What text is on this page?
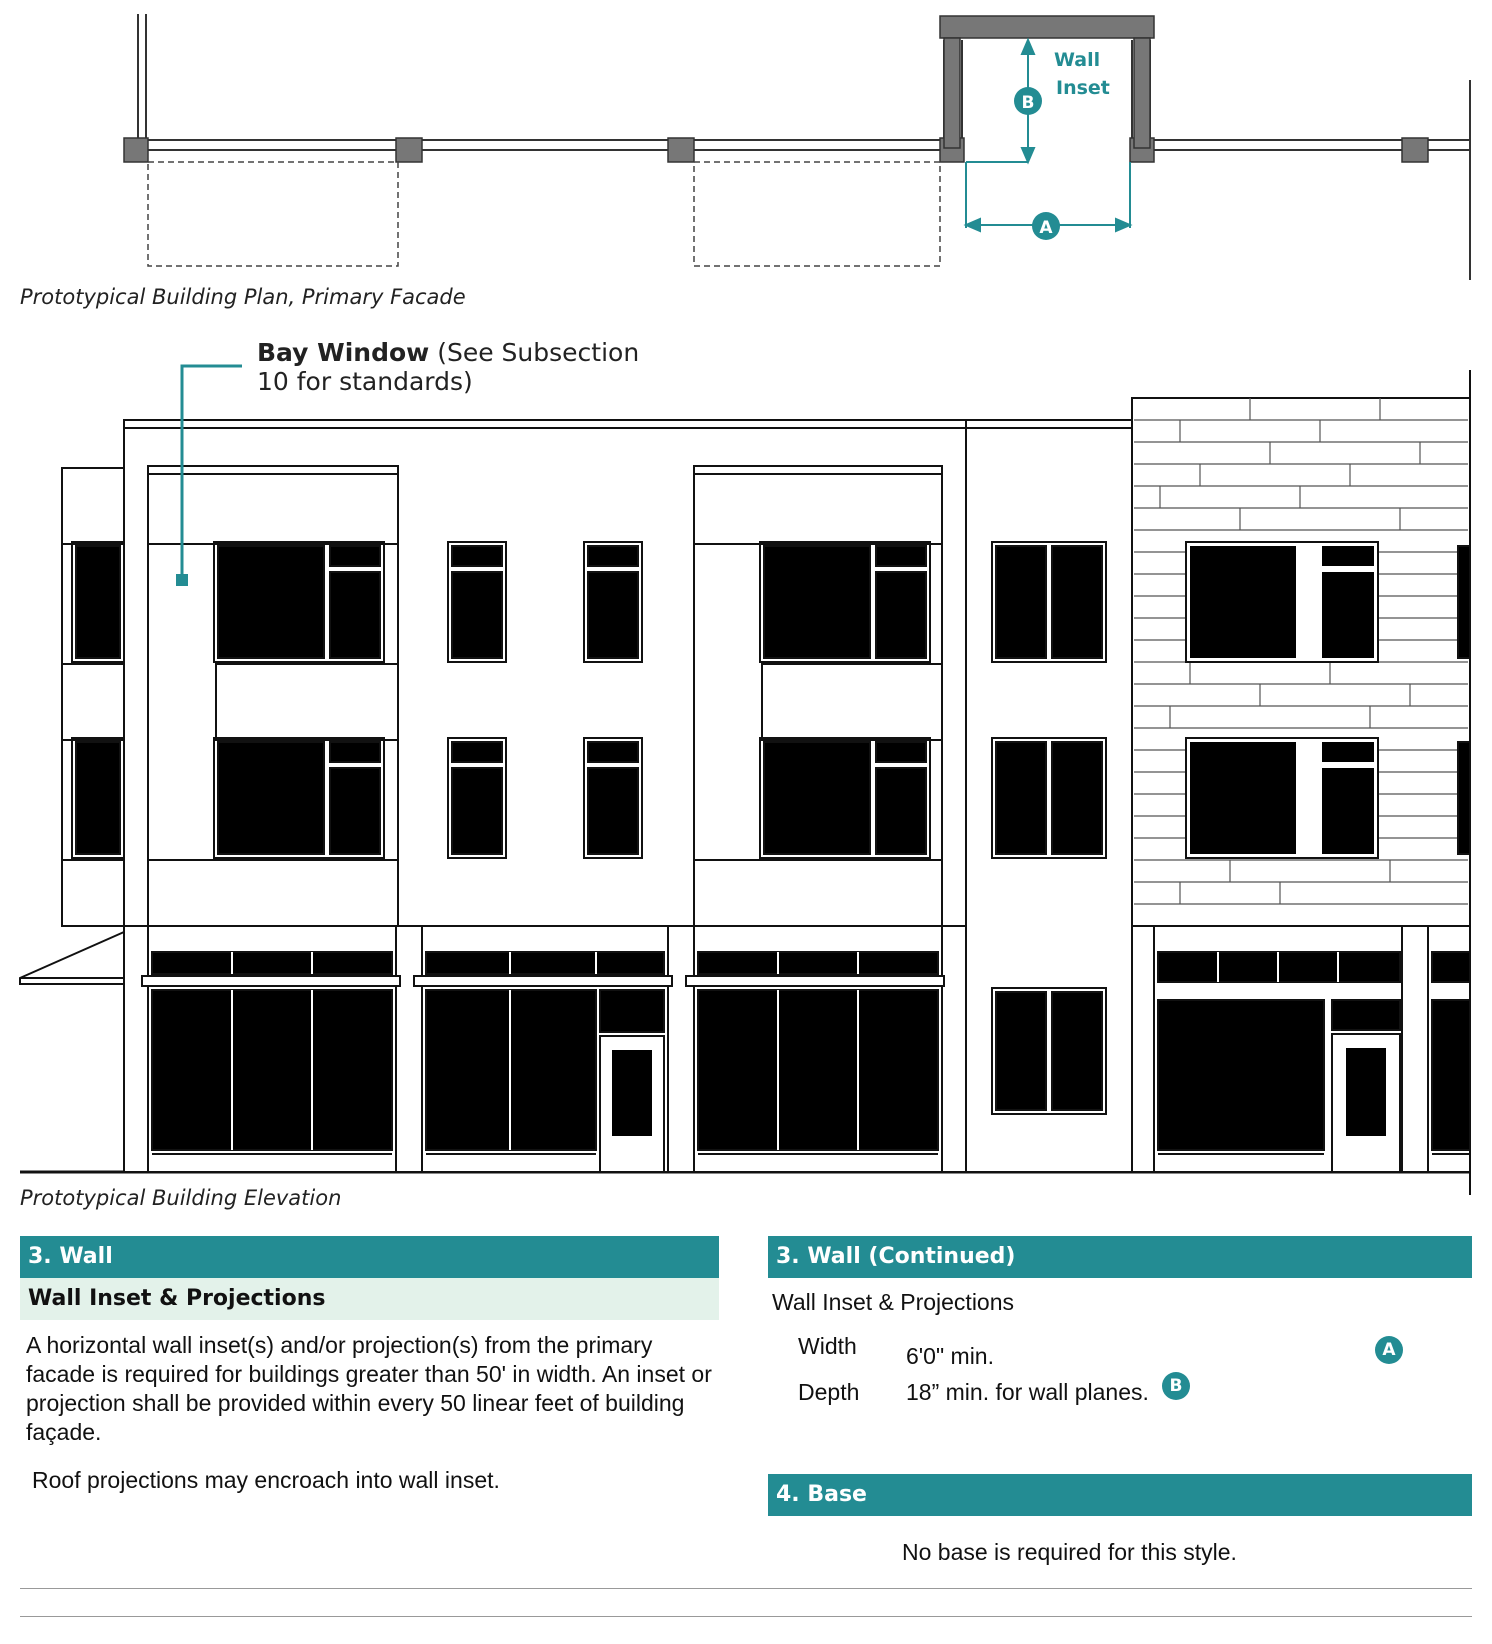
B
A
Wall
Inset
Prototypical Building Plan, Primary Facade
Bay Window (See Subsection
10 for standards)
Prototypical Building Elevation
3. Wall
Wall Inset & Projections
A horizontal wall inset(s) and/or projection(s) from the primary facade is required for buildings greater than 50' in width. An inset or projection shall be provided within every 50 linear feet of building façade.
Roof projections may encroach into wall inset.
3. Wall (Continued)
Wall Inset & Projections
Width 6'0" min.	A
Depth 18” min. for wall planes.	B
4. Base
No base is required for this style.
